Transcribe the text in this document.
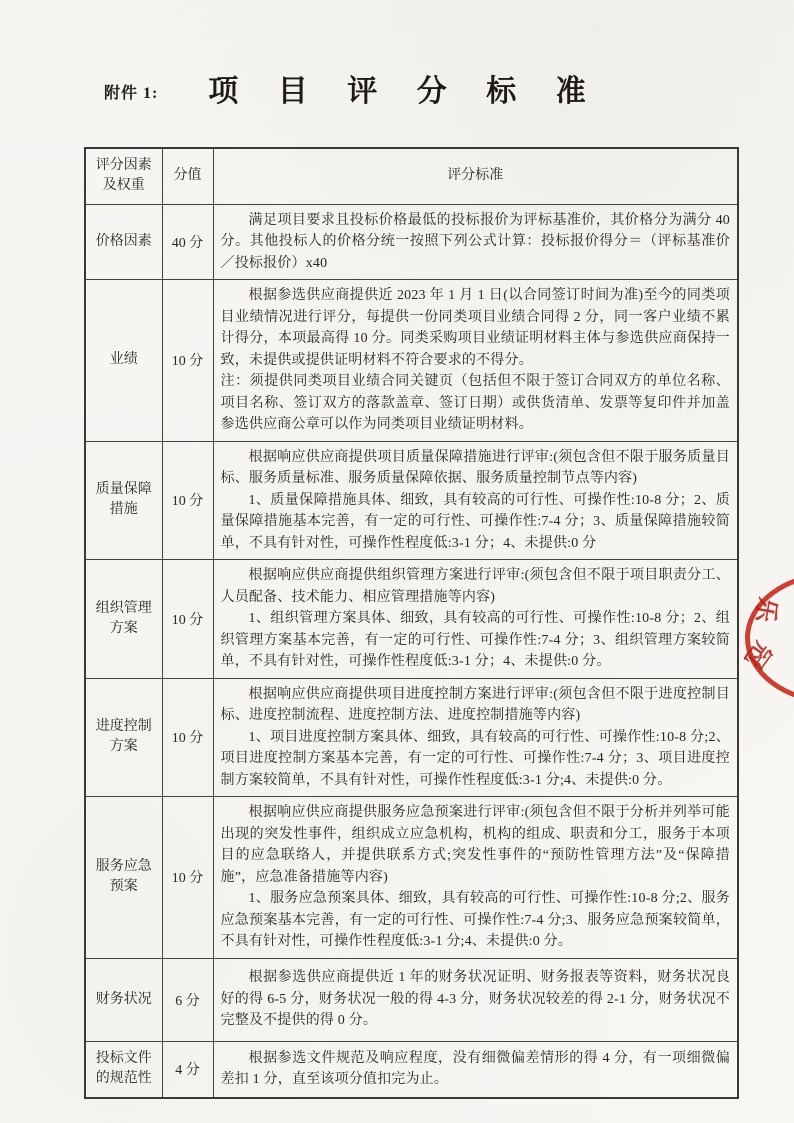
附件 1:	项 目 评 分 标 准
评分因素及权重	分值	评分标准
价格因素	40 分	满足项目要求且投标价格最低的投标报价为评标基准价，其价格分为满分 40 分。其他投标人的价格分统一按照下列公式计算：投标报价得分＝（评标基准价／投标报价）x40

业绩	10 分	根据参选供应商提供近 2023 年 1 月 1 日(以合同签订时间为准)至今的同类项目业绩情况进行评分，每提供一份同类项目业绩合同得 2 分，同一客户业绩不累计得分，本项最高得 10 分。同类采购项目业绩证明材料主体与参选供应商保持一致，未提供或提供证明材料不符合要求的不得分。

注：须提供同类项目业绩合同关键页（包括但不限于签订合同双方的单位名称、项目名称、签订双方的落款盖章、签订日期）或供货清单、发票等复印件并加盖参选供应商公章可以作为同类项目业绩证明材料。

质量保障措施	10 分	根据响应供应商提供项目质量保障措施进行评审:(须包含但不限于服务质量目标、服务质量标准、服务质量保障依据、服务质量控制节点等内容)

1、质量保障措施具体、细致，具有较高的可行性、可操作性:10-8 分；2、质量保障措施基本完善，有一定的可行性、可操作性:7-4 分；3、质量保障措施较简单，不具有针对性，可操作性程度低:3-1 分；4、未提供:0 分

组织管理方案	10 分	根据响应供应商提供组织管理方案进行评审:(须包含但不限于项目职责分工、人员配备、技术能力、相应管理措施等内容)

1、组织管理方案具体、细致，具有较高的可行性、可操作性:10-8 分；2、组织管理方案基本完善，有一定的可行性、可操作性:7-4 分；3、组织管理方案较简单，不具有针对性，可操作性程度低:3-1 分；4、未提供:0 分。

进度控制方案	10 分	根据响应供应商提供项目进度控制方案进行评审:(须包含但不限于进度控制目标、进度控制流程、进度控制方法、进度控制措施等内容)

1、项目进度控制方案具体、细致，具有较高的可行性、可操作性:10-8 分;2、项目进度控制方案基本完善，有一定的可行性、可操作性:7-4 分；3、项目进度控制方案较简单，不具有针对性，可操作性程度低:3-1 分;4、未提供:0 分。

服务应急预案	10 分	根据响应供应商提供服务应急预案进行评审:(须包含但不限于分析并列举可能出现的突发性事件，组织成立应急机构，机构的组成、职责和分工，服务于本项目的应急联络人，并提供联系方式;突发性事件的“预防性管理方法”及“保障措施”，应急准备措施等内容)

1、服务应急预案具体、细致，具有较高的可行性、可操作性:10-8 分;2、服务应急预案基本完善，有一定的可行性、可操作性:7-4 分;3、服务应急预案较简单，不具有针对性，可操作性程度低:3-1 分;4、未提供:0 分。

财务状况	6 分	根据参选供应商提供近 1 年的财务状况证明、财务报表等资料，财务状况良好的得 6-5 分，财务状况一般的得 4-3 分，财务状况较差的得 2-1 分，财务状况不完整及不提供的得 0 分。

投标文件的规范性	4 分	根据参选文件规范及响应程度，没有细微偏差情形的得 4 分，有一项细微偏差扣 1 分，直至该项分值扣完为止。

乐
冠
